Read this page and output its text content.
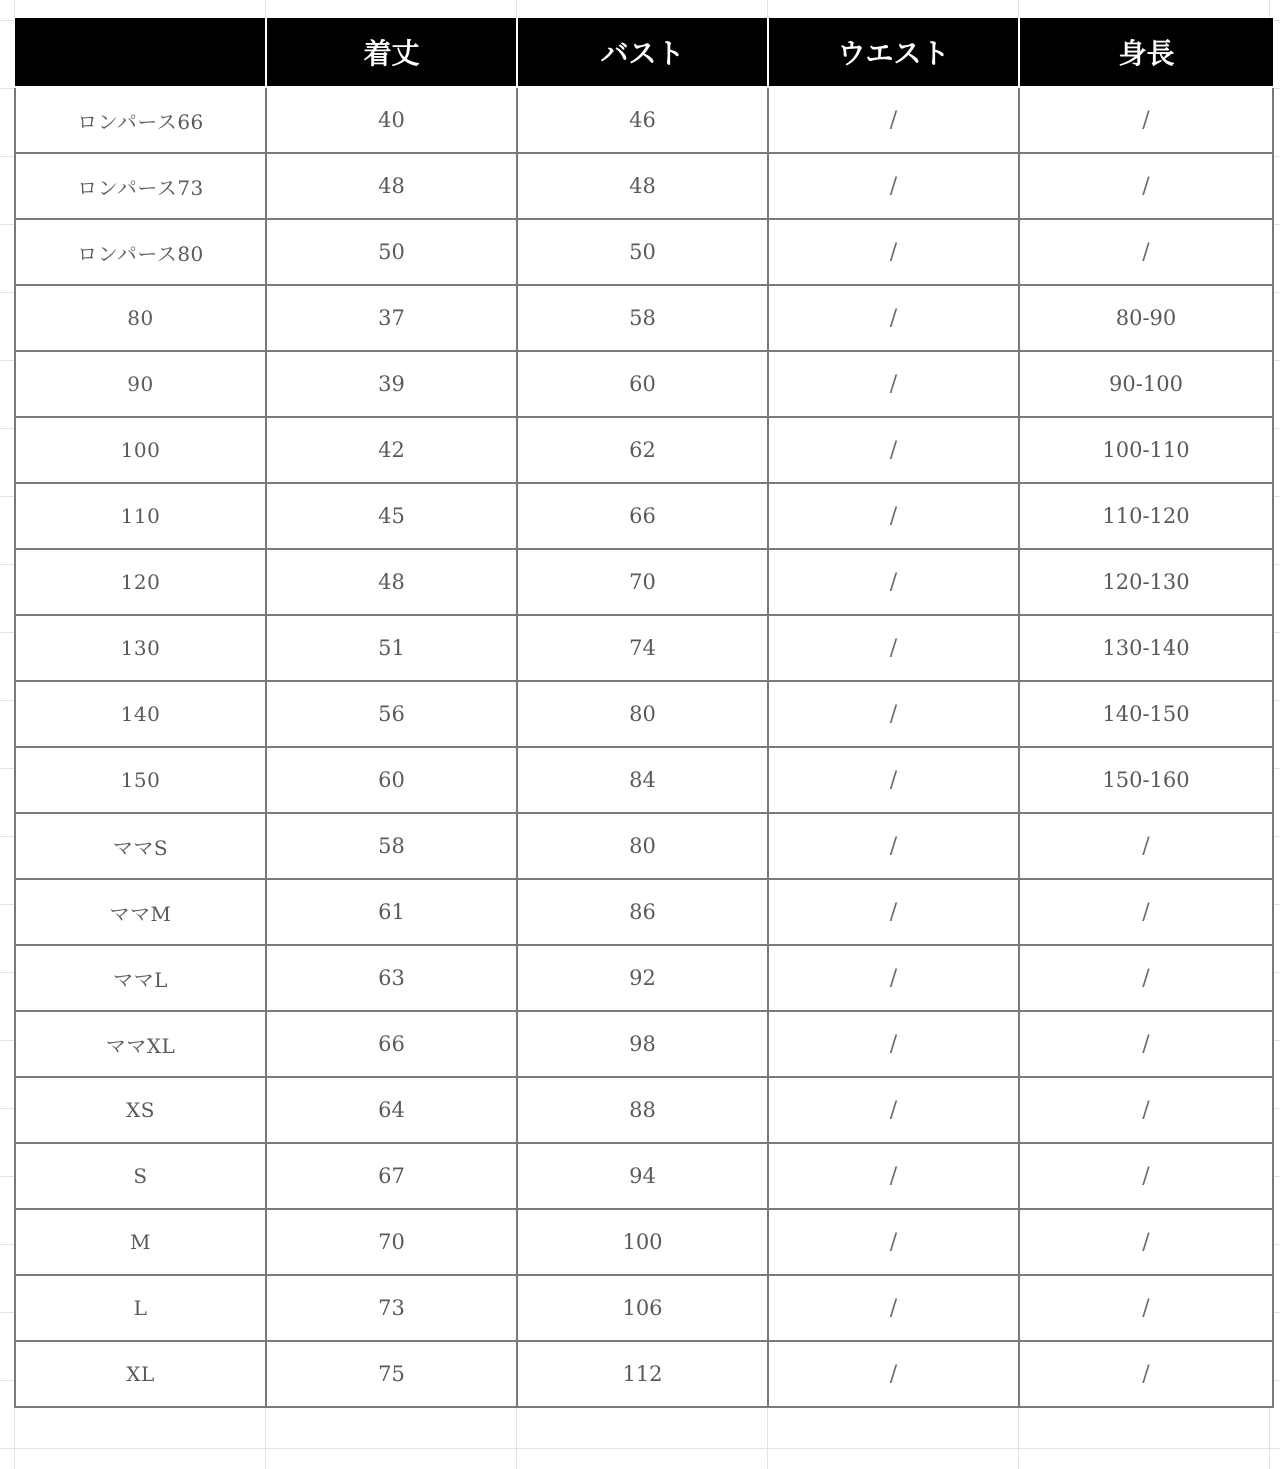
	着丈	バスト	ウエスト	身長
ロンパース66	40	46	/	/
ロンパース73	48	48	/	/
ロンパース80	50	50	/	/
80	37	58	/	80-90
90	39	60	/	90-100
100	42	62	/	100-110
110	45	66	/	110-120
120	48	70	/	120-130
130	51	74	/	130-140
140	56	80	/	140-150
150	60	84	/	150-160
ママS	58	80	/	/
ママM	61	86	/	/
ママL	63	92	/	/
ママXL	66	98	/	/
XS	64	88	/	/
S	67	94	/	/
M	70	100	/	/
L	73	106	/	/
XL	75	112	/	/
